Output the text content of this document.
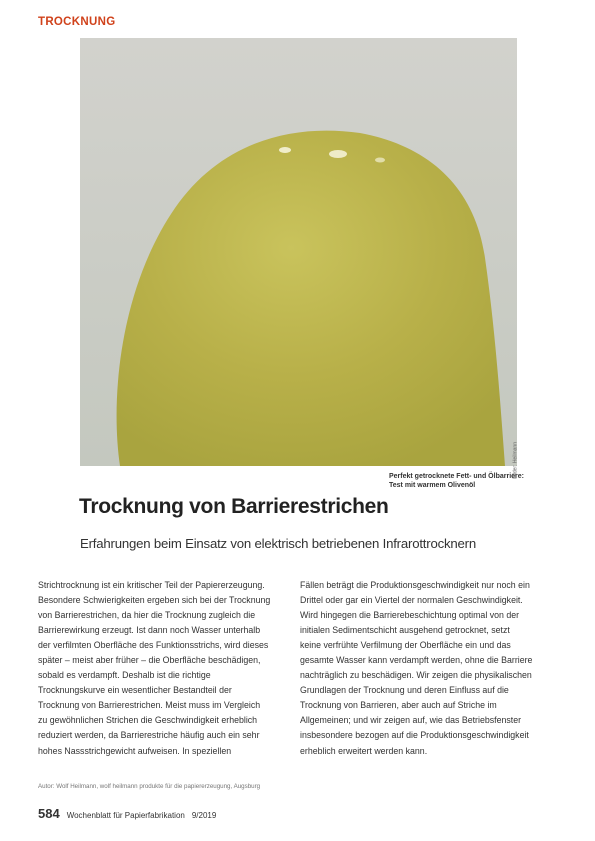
TROCKNUNG
Bilder: Heilmann
Perfekt getrocknete Fett- und Ölbarriere: Test mit warmem Olivenöl
Trocknung von Barrierestrichen
Erfahrungen beim Einsatz von elektrisch betriebenen Infrarottrocknern

Strichtrocknung ist ein kritischer Teil der Papiererzeugung. Besondere Schwierigkeiten ergeben sich bei der Trocknung von Barrierestrichen, da hier die Trocknung zugleich die Barrierewirkung erzeugt. Ist dann noch Wasser unterhalb der verfilmten Oberfläche des Funktionsstrichs, wird dieses später – meist aber früher – die Oberfläche beschädigen, sobald es verdampft. Deshalb ist die richtige Trocknungskurve ein wesentlicher Bestandteil der Trocknung von Barrierestrichen. Meist muss im Vergleich zu gewöhnlichen Strichen die Geschwindigkeit erheblich reduziert werden, da Barrierestriche häufig auch ein sehr hohes Nassstrichgewicht aufweisen. In speziellen

Fällen beträgt die Produktionsgeschwindigkeit nur noch ein Drittel oder gar ein Viertel der normalen Geschwindigkeit. Wird hingegen die Barrierebeschichtung optimal von der initialen Sedimentschicht ausgehend getrocknet, setzt keine verfrühte Verfilmung der Oberfläche ein und das gesamte Wasser kann verdampft werden, ohne die Barriere nachträglich zu beschädigen. Wir zeigen die physikalischen Grundlagen der Trocknung und deren Einfluss auf die Trocknung von Barrieren, aber auch auf Striche im Allgemeinen; und wir zeigen auf, wie das Betriebsfenster insbesondere bezogen auf die Produktionsgeschwindigkeit erheblich erweitert werden kann.

Autor: Wolf Heilmann, wolf heilmann produkte für die papiererzeugung, Augsburg
584 Wochenblatt für Papierfabrikation 9/2019
